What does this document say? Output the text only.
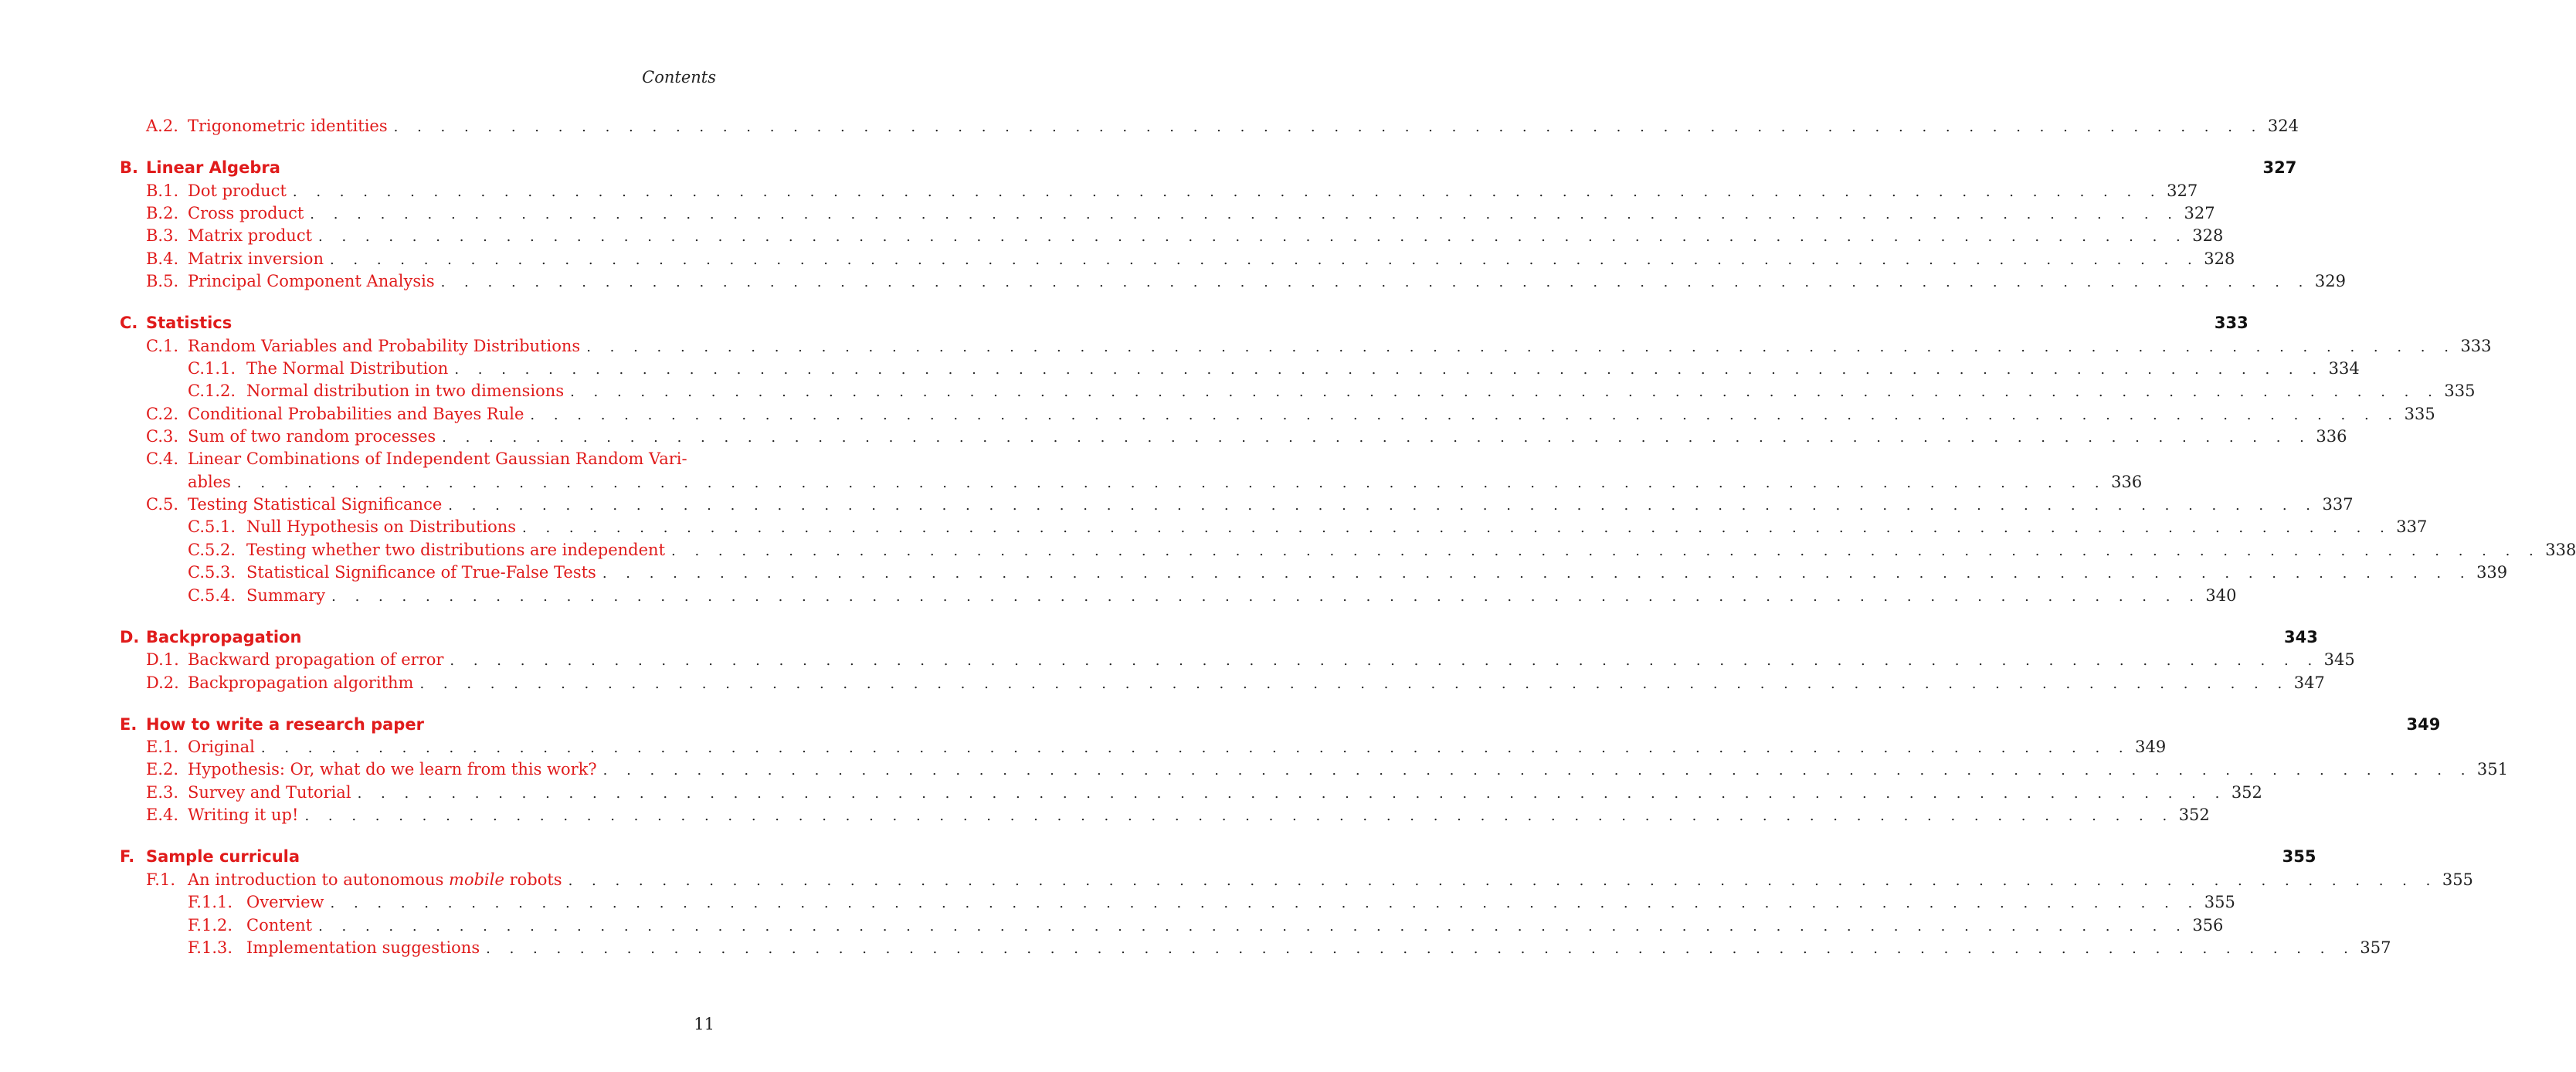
Contents
A.2. Trigonometric identities . . . . . . . . . . . . . . . . . . . . . . . . . . . . . . . . . . . . . . . . . . . . . . . . . . . . . . . . . . . . . . . . . . . . . . . . . . . . . . . . 324
B. Linear Algebra	327
B.1. Dot product . . . . . . . . . . . . . . . . . . . . . . . . . . . . . . . . . . . . . . . . . . . . . . . . . . . . . . . . . . . . . . . . . . . . . . . . . . . . . . . . 327
B.2. Cross product . . . . . . . . . . . . . . . . . . . . . . . . . . . . . . . . . . . . . . . . . . . . . . . . . . . . . . . . . . . . . . . . . . . . . . . . . . . . . . . . 327
B.3. Matrix product . . . . . . . . . . . . . . . . . . . . . . . . . . . . . . . . . . . . . . . . . . . . . . . . . . . . . . . . . . . . . . . . . . . . . . . . . . . . . . . . 328
B.4. Matrix inversion . . . . . . . . . . . . . . . . . . . . . . . . . . . . . . . . . . . . . . . . . . . . . . . . . . . . . . . . . . . . . . . . . . . . . . . . . . . . . . . . 328
B.5. Principal Component Analysis . . . . . . . . . . . . . . . . . . . . . . . . . . . . . . . . . . . . . . . . . . . . . . . . . . . . . . . . . . . . . . . . . . . . . . . . . . . . . . . . 329
C. Statistics	333
C.1. Random Variables and Probability Distributions . . . . . . . . . . . . . . . . . . . . . . . . . . . . . . . . . . . . . . . . . . . . . . . . . . . . . . . . . . . . . . . . . . . . . . . . . . . . . . . . 333
C.1.1. The Normal Distribution . . . . . . . . . . . . . . . . . . . . . . . . . . . . . . . . . . . . . . . . . . . . . . . . . . . . . . . . . . . . . . . . . . . . . . . . . . . . . . . . 334
C.1.2. Normal distribution in two dimensions . . . . . . . . . . . . . . . . . . . . . . . . . . . . . . . . . . . . . . . . . . . . . . . . . . . . . . . . . . . . . . . . . . . . . . . . . . . . . . . . 335
C.2. Conditional Probabilities and Bayes Rule . . . . . . . . . . . . . . . . . . . . . . . . . . . . . . . . . . . . . . . . . . . . . . . . . . . . . . . . . . . . . . . . . . . . . . . . . . . . . . . . 335
C.3. Sum of two random processes . . . . . . . . . . . . . . . . . . . . . . . . . . . . . . . . . . . . . . . . . . . . . . . . . . . . . . . . . . . . . . . . . . . . . . . . . . . . . . . . 336
C.4. Linear Combinations of Independent Gaussian Random Vari-
ables . . . . . . . . . . . . . . . . . . . . . . . . . . . . . . . . . . . . . . . . . . . . . . . . . . . . . . . . . . . . . . . . . . . . . . . . . . . . . . . . 336
C.5. Testing Statistical Significance . . . . . . . . . . . . . . . . . . . . . . . . . . . . . . . . . . . . . . . . . . . . . . . . . . . . . . . . . . . . . . . . . . . . . . . . . . . . . . . . 337
C.5.1. Null Hypothesis on Distributions . . . . . . . . . . . . . . . . . . . . . . . . . . . . . . . . . . . . . . . . . . . . . . . . . . . . . . . . . . . . . . . . . . . . . . . . . . . . . . . . 337
C.5.2. Testing whether two distributions are independent . . . . . . . . . . . . . . . . . . . . . . . . . . . . . . . . . . . . . . . . . . . . . . . . . . . . . . . . . . . . . . . . . . . . . . . . . . . . . . . . 338
C.5.3. Statistical Significance of True-False Tests . . . . . . . . . . . . . . . . . . . . . . . . . . . . . . . . . . . . . . . . . . . . . . . . . . . . . . . . . . . . . . . . . . . . . . . . . . . . . . . . 339
C.5.4. Summary . . . . . . . . . . . . . . . . . . . . . . . . . . . . . . . . . . . . . . . . . . . . . . . . . . . . . . . . . . . . . . . . . . . . . . . . . . . . . . . . 340
D. Backpropagation	343
D.1. Backward propagation of error . . . . . . . . . . . . . . . . . . . . . . . . . . . . . . . . . . . . . . . . . . . . . . . . . . . . . . . . . . . . . . . . . . . . . . . . . . . . . . . . 345
D.2. Backpropagation algorithm . . . . . . . . . . . . . . . . . . . . . . . . . . . . . . . . . . . . . . . . . . . . . . . . . . . . . . . . . . . . . . . . . . . . . . . . . . . . . . . . 347
E. How to write a research paper	349
E.1. Original . . . . . . . . . . . . . . . . . . . . . . . . . . . . . . . . . . . . . . . . . . . . . . . . . . . . . . . . . . . . . . . . . . . . . . . . . . . . . . . . 349
E.2. Hypothesis: Or, what do we learn from this work? . . . . . . . . . . . . . . . . . . . . . . . . . . . . . . . . . . . . . . . . . . . . . . . . . . . . . . . . . . . . . . . . . . . . . . . . . . . . . . . . 351
E.3. Survey and Tutorial . . . . . . . . . . . . . . . . . . . . . . . . . . . . . . . . . . . . . . . . . . . . . . . . . . . . . . . . . . . . . . . . . . . . . . . . . . . . . . . . 352
E.4. Writing it up! . . . . . . . . . . . . . . . . . . . . . . . . . . . . . . . . . . . . . . . . . . . . . . . . . . . . . . . . . . . . . . . . . . . . . . . . . . . . . . . . 352
F. Sample curricula	355
F.1. An introduction to autonomous mobile robots . . . . . . . . . . . . . . . . . . . . . . . . . . . . . . . . . . . . . . . . . . . . . . . . . . . . . . . . . . . . . . . . . . . . . . . . . . . . . . . . 355
F.1.1. Overview . . . . . . . . . . . . . . . . . . . . . . . . . . . . . . . . . . . . . . . . . . . . . . . . . . . . . . . . . . . . . . . . . . . . . . . . . . . . . . . . 355
F.1.2. Content . . . . . . . . . . . . . . . . . . . . . . . . . . . . . . . . . . . . . . . . . . . . . . . . . . . . . . . . . . . . . . . . . . . . . . . . . . . . . . . . 356
F.1.3. Implementation suggestions . . . . . . . . . . . . . . . . . . . . . . . . . . . . . . . . . . . . . . . . . . . . . . . . . . . . . . . . . . . . . . . . . . . . . . . . . . . . . . . . 357
11
